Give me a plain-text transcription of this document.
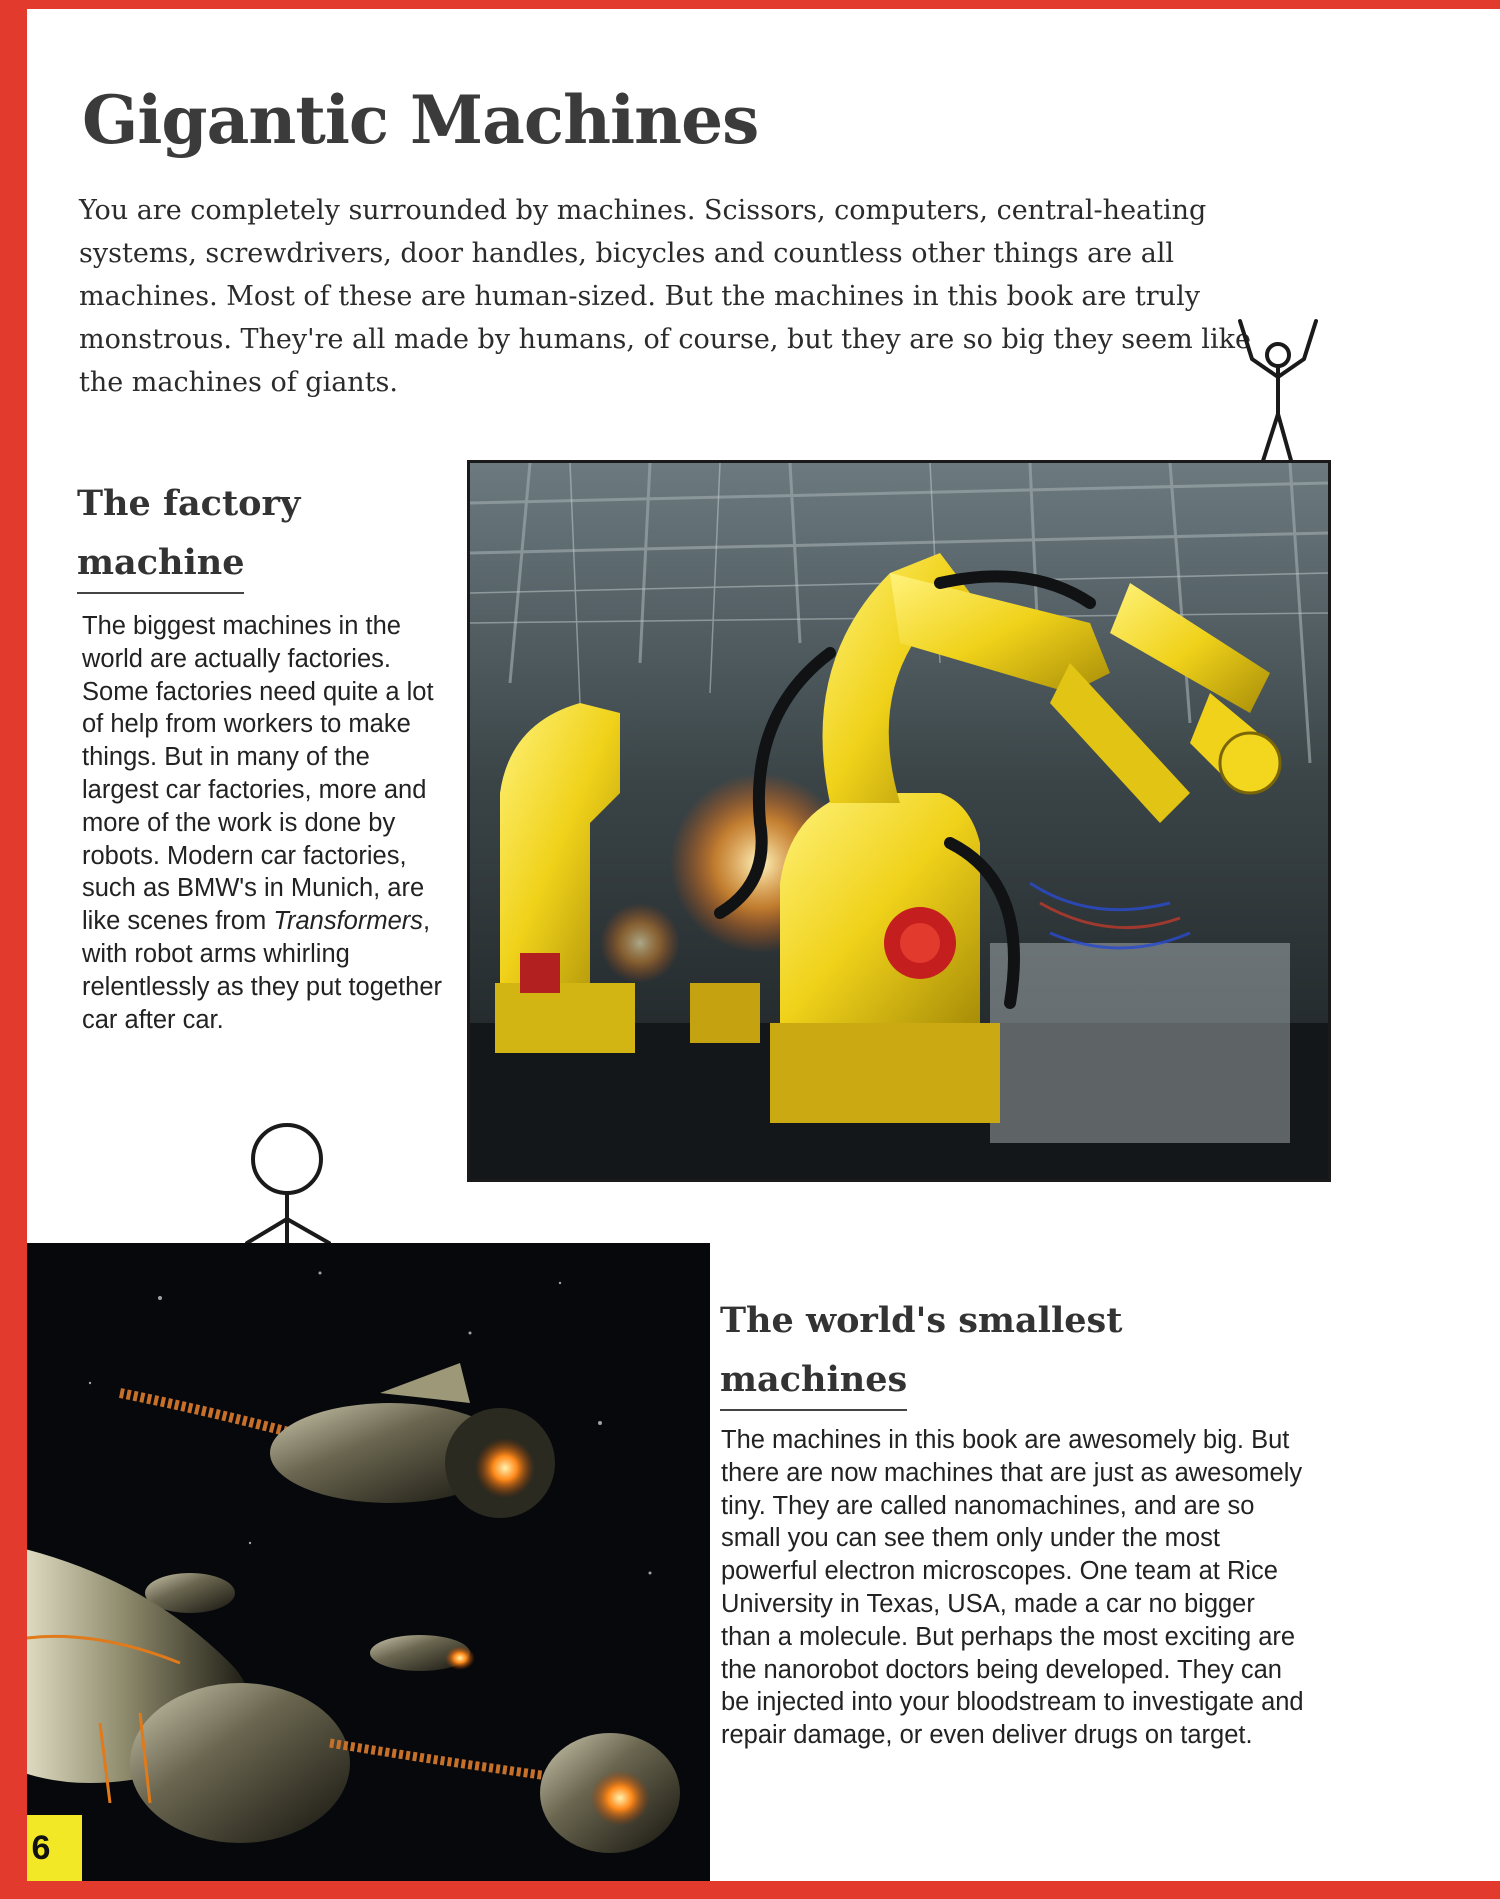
Gigantic Machines

You are completely surrounded by machines. Scissors, computers, central-heating systems, screwdrivers, door handles, bicycles and countless other things are all machines. Most of these are human-sized. But the machines in this book are truly monstrous. They're all made by humans, of course, but they are so big they seem like the machines of giants.

The factory
machine

The biggest machines in the world are actually factories. Some factories need quite a lot of help from workers to make things. But in many of the largest car factories, more and more of the work is done by robots. Modern car factories, such as BMW's in Munich, are like scenes from Transformers, with robot arms whirling relentlessly as they put together car after car.

The world's smallest
machines

The machines in this book are awesomely big. But there are now machines that are just as awesomely tiny. They are called nanomachines, and are so small you can see them only under the most powerful electron microscopes. One team at Rice University in Texas, USA, made a car no bigger than a molecule. But perhaps the most exciting are the nanorobot doctors being developed. They can be injected into your bloodstream to investigate and repair damage, or even deliver drugs on target.

6
